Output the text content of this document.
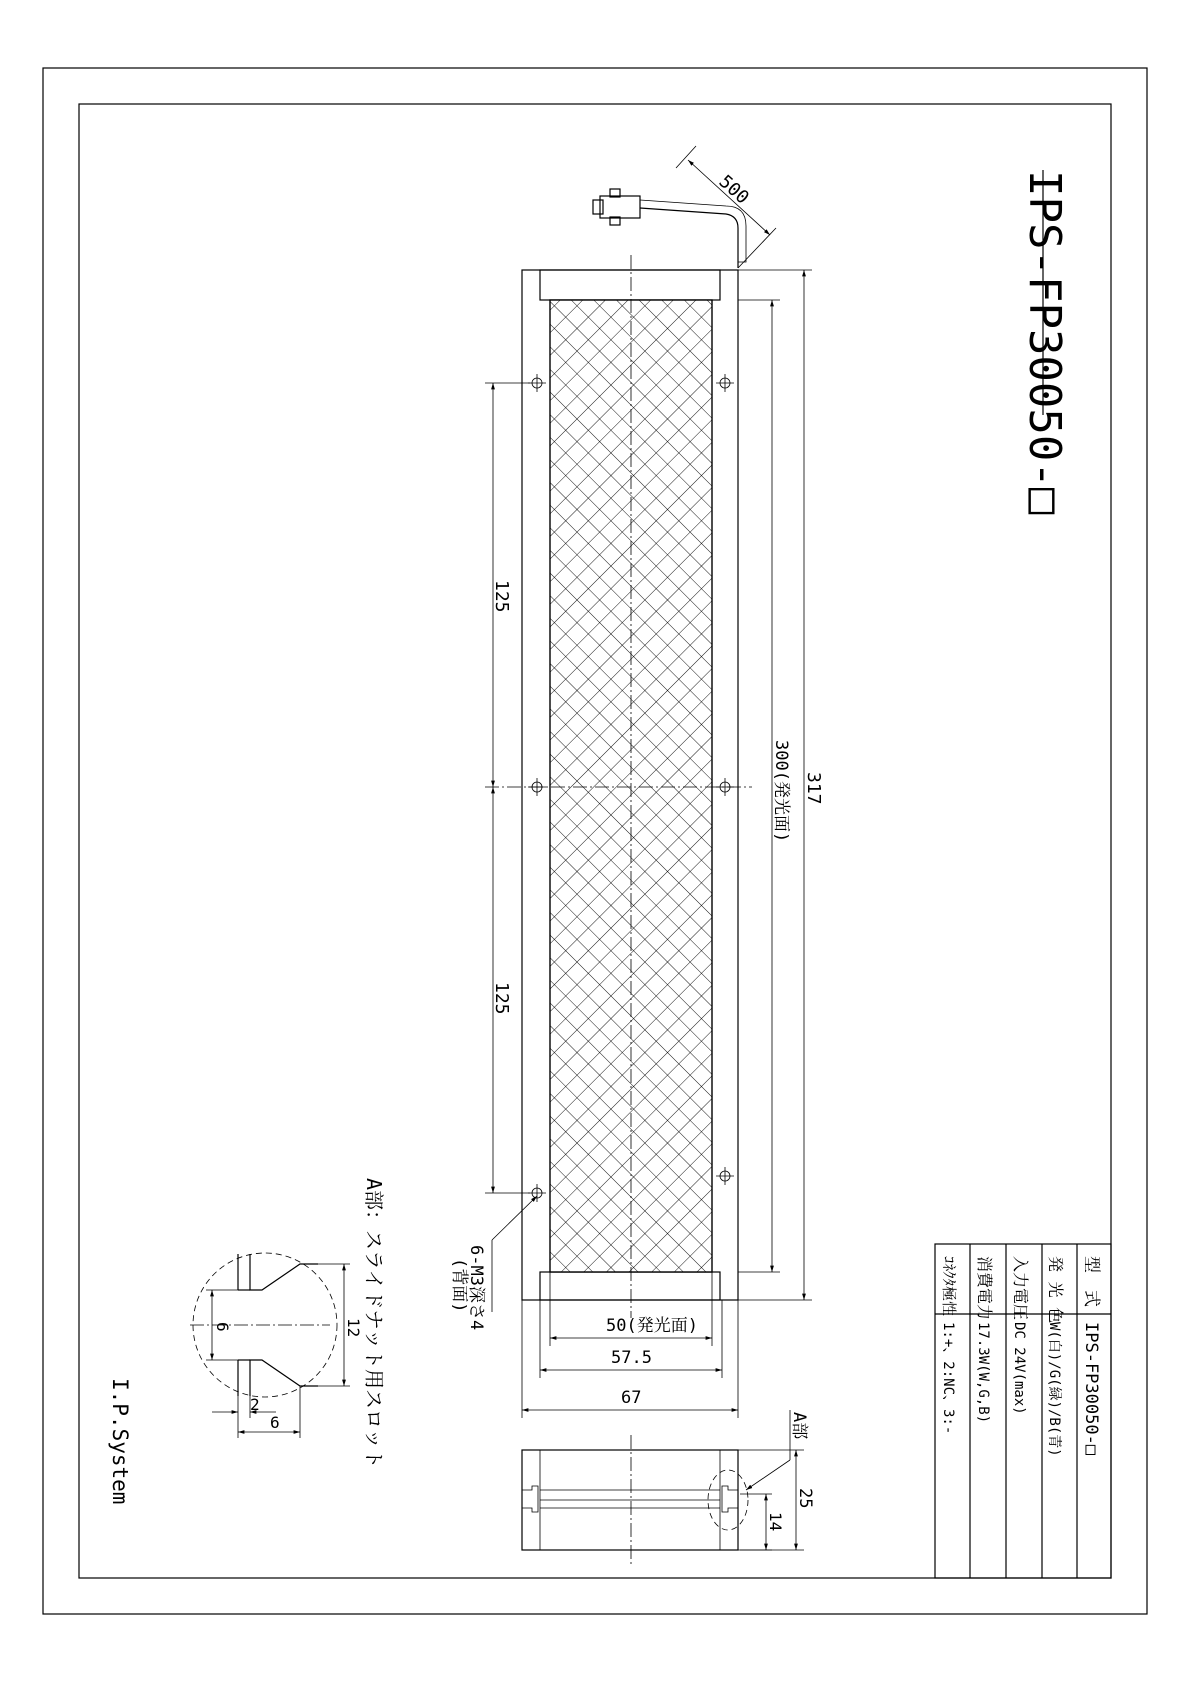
IPS-FP30050-□
500
125
125
300(発光面) 317
6-M3深さ4
(背面)
50(発光面)
57.5
67
A部
25
14
12
6
2
6	A部：スライドナット用スロット
I.P.System
型　式
IPS-FP30050-□
発 光 色
W(白)/G(緑)/B(青)
入力電圧
DC 24V(max)
消費電力
17.3W(W,G,B)
ｺﾈｸﾀ極性
1:+、2:NC、3:-
